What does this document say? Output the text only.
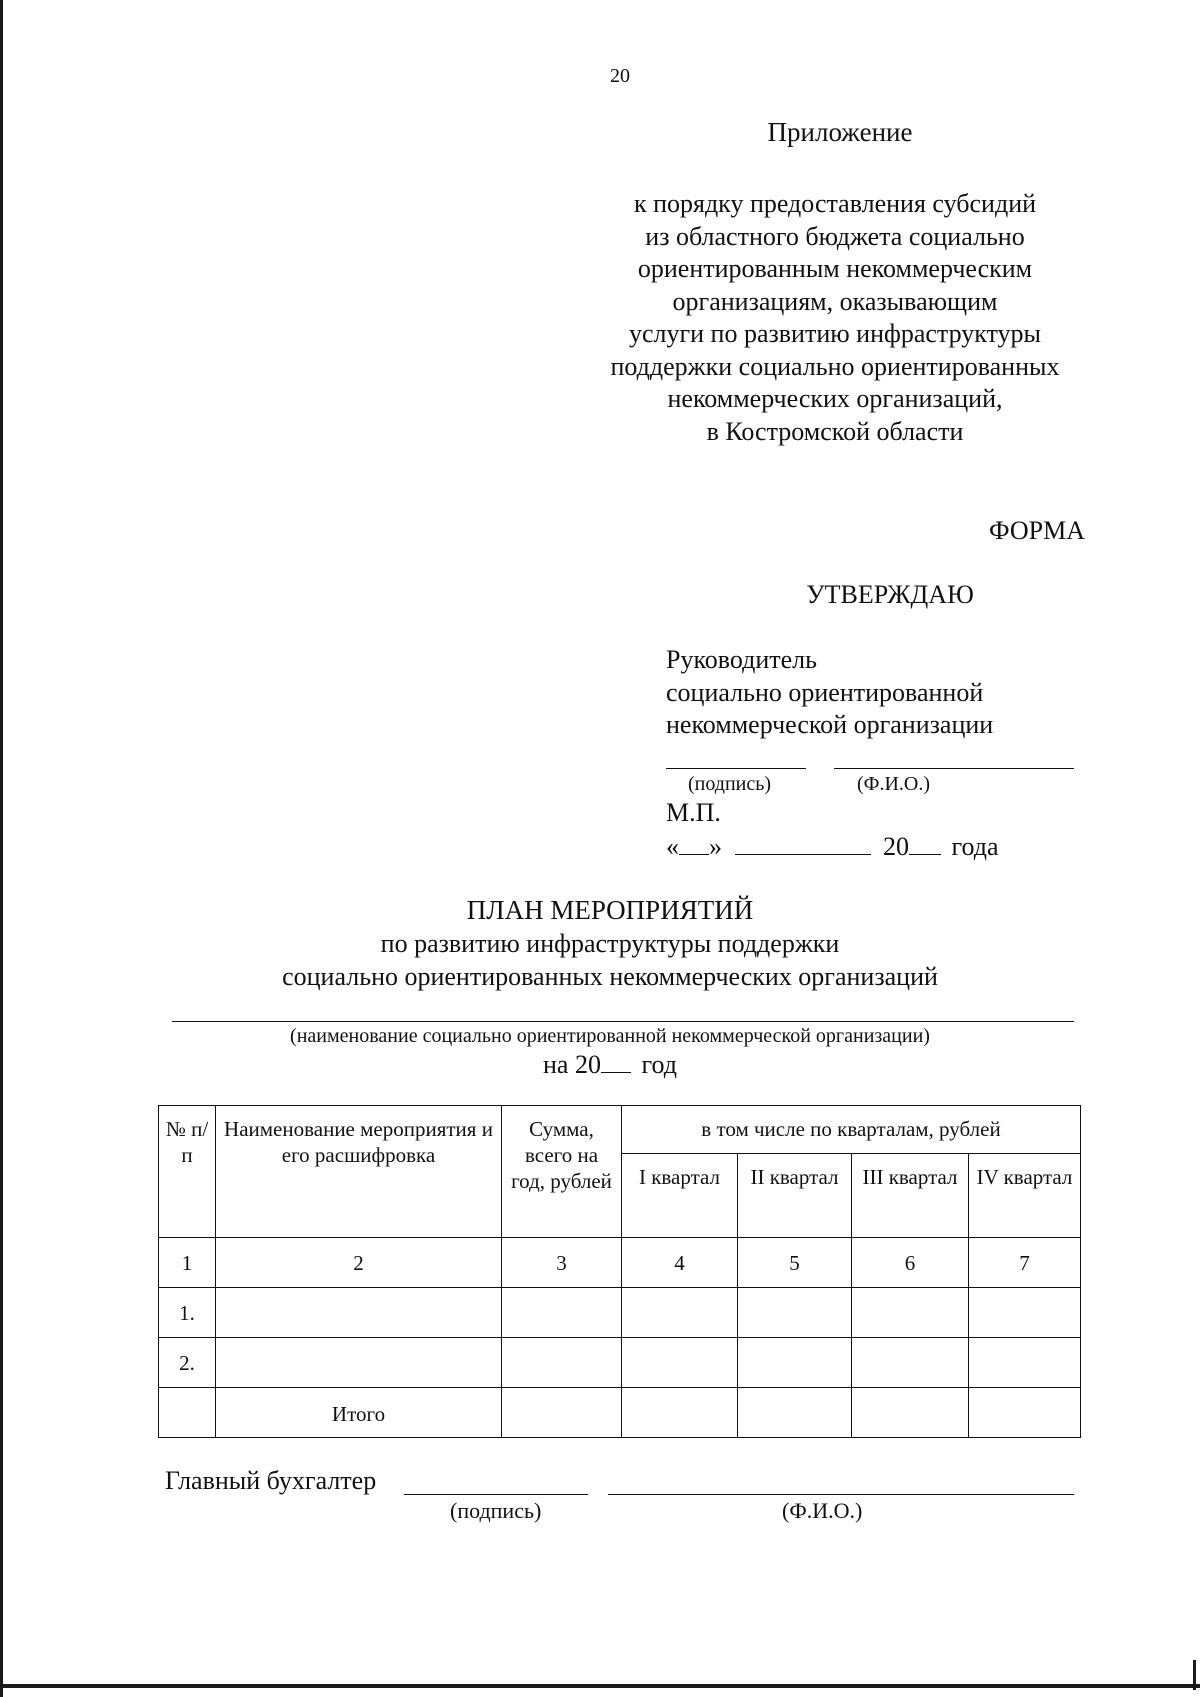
20
Приложение
к порядку предоставления субсидий
из областного бюджета социально
ориентированным некоммерческим
организациям, оказывающим
услуги по развитию инфраструктуры
поддержки социально ориентированных
некоммерческих организаций,
в Костромской области
ФОРМА
УТВЕРЖДАЮ
Руководитель
социально ориентированной
некоммерческой организации
(подпись)	(Ф.И.О.)
М.П.
« »	20 года
ПЛАН МЕРОПРИЯТИЙ
по развитию инфраструктуры поддержки
социально ориентированных некоммерческих организаций
(наименование социально ориентированной некоммерческой организации)
на 20 год
№ п/п	Наименование мероприятия и его расшифровка	Сумма, всего на год, рублей	в том числе по кварталам, рублей			
			I квартал	II квартал	III квартал	IV квартал
1	2	3	4	5	6	7
1.						
2.						
	Итого					
Главный бухгалтер
(подпись)	(Ф.И.О.)
